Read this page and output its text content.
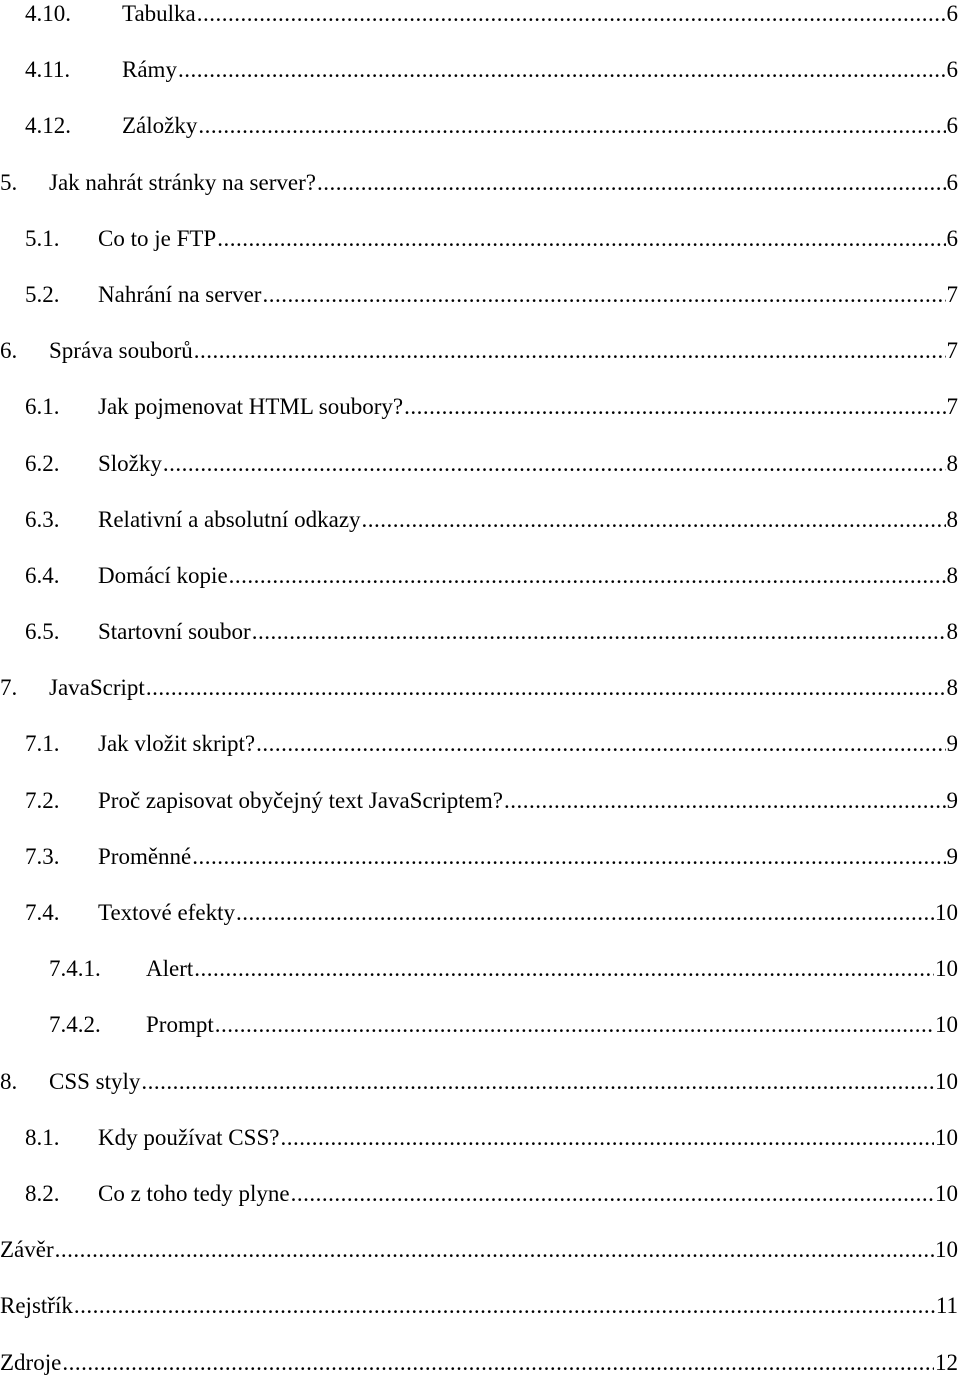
4.10.	Tabulka .....	6
4.11.	Rámy .....	6
4.12.	Záložky .....	6
5.	Jak nahrát stránky na server? .....	6
5.1.	Co to je FTP .....	6
5.2.	Nahrání na server .....	7
6.	Správa souborů .....	7
6.1.	Jak pojmenovat HTML soubory? .....	7
6.2.	Složky .....	8
6.3.	Relativní a absolutní odkazy .....	8
6.4.	Domácí kopie .....	8
6.5.	Startovní soubor .....	8
7.	JavaScript .....	8
7.1.	Jak vložit skript? .....	9
7.2.	Proč zapisovat obyčejný text JavaScriptem? .....	9
7.3.	Proměnné .....	9
7.4.	Textové efekty .....	10
7.4.1.	Alert .....	10
7.4.2.	Prompt .....	10
8.	CSS styly .....	10
8.1.	Kdy používat CSS? .....	10
8.2.	Co z toho tedy plyne .....	10
Závěr .....	10
Rejstřík .....	11
Zdroje .....	12
